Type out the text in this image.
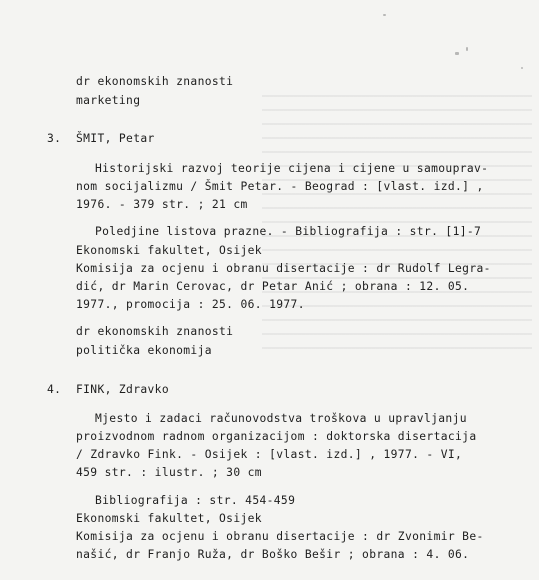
dr ekonomskih znanosti
marketing
3. ŠMIT, Petar
Historijski razvoj teorije cijena i cijene u samouprav-
nom socijalizmu / Šmit Petar. - Beograd : [vlast. izd.] ,
1976. - 379 str. ; 21 cm
Poledjine listova prazne. - Bibliografija : str. [1]-7
Ekonomski fakultet, Osijek
Komisija za ocjenu i obranu disertacije : dr Rudolf Legra-
dić, dr Marin Cerovac, dr Petar Anić ; obrana : 12. 05.
1977., promocija : 25. 06. 1977.
dr ekonomskih znanosti
politička ekonomija
4. FINK, Zdravko
Mjesto i zadaci računovodstva troškova u upravljanju
proizvodnom radnom organizacijom : doktorska disertacija
/ Zdravko Fink. - Osijek : [vlast. izd.] , 1977. - VI,
459 str. : ilustr. ; 30 cm
Bibliografija : str. 454-459
Ekonomski fakultet, Osijek
Komisija za ocjenu i obranu disertacije : dr Zvonimir Be-
našić, dr Franjo Ruža, dr Boško Bešir ; obrana : 4. 06.
